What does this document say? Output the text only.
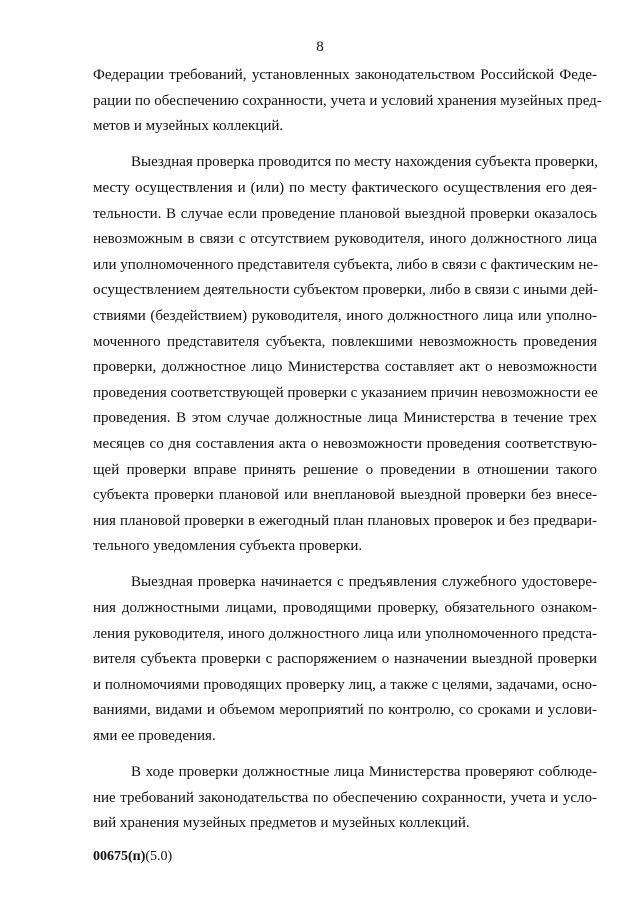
8
Федерации требований, установленных законодательством Российской Феде-
рации по обеспечению сохранности, учета и условий хранения музейных пред-
метов и музейных коллекций.
Выездная проверка проводится по месту нахождения субъекта проверки,
месту осуществления и (или) по месту фактического осуществления его дея-
тельности. В случае если проведение плановой выездной проверки оказалось
невозможным в связи с отсутствием руководителя, иного должностного лица
или уполномоченного представителя субъекта, либо в связи с фактическим не-
осуществлением деятельности субъектом проверки, либо в связи с иными дей-
ствиями (бездействием) руководителя, иного должностного лица или уполно-
моченного представителя субъекта, повлекшими невозможность проведения
проверки, должностное лицо Министерства составляет акт о невозможности
проведения соответствующей проверки с указанием причин невозможности ее
проведения. В этом случае должностные лица Министерства в течение трех
месяцев со дня составления акта о невозможности проведения соответствую-
щей проверки вправе принять решение о проведении в отношении такого
субъекта проверки плановой или внеплановой выездной проверки без внесе-
ния плановой проверки в ежегодный план плановых проверок и без предвари-
тельного уведомления субъекта проверки.
Выездная проверка начинается с предъявления служебного удостовере-
ния должностными лицами, проводящими проверку, обязательного ознаком-
ления руководителя, иного должностного лица или уполномоченного предста-
вителя субъекта проверки с распоряжением о назначении выездной проверки
и полномочиями проводящих проверку лиц, а также с целями, задачами, осно-
ваниями, видами и объемом мероприятий по контролю, со сроками и услови-
ями ее проведения.
В ходе проверки должностные лица Министерства проверяют соблюде-
ние требований законодательства по обеспечению сохранности, учета и усло-
вий хранения музейных предметов и музейных коллекций.
00675(п)(5.0)
